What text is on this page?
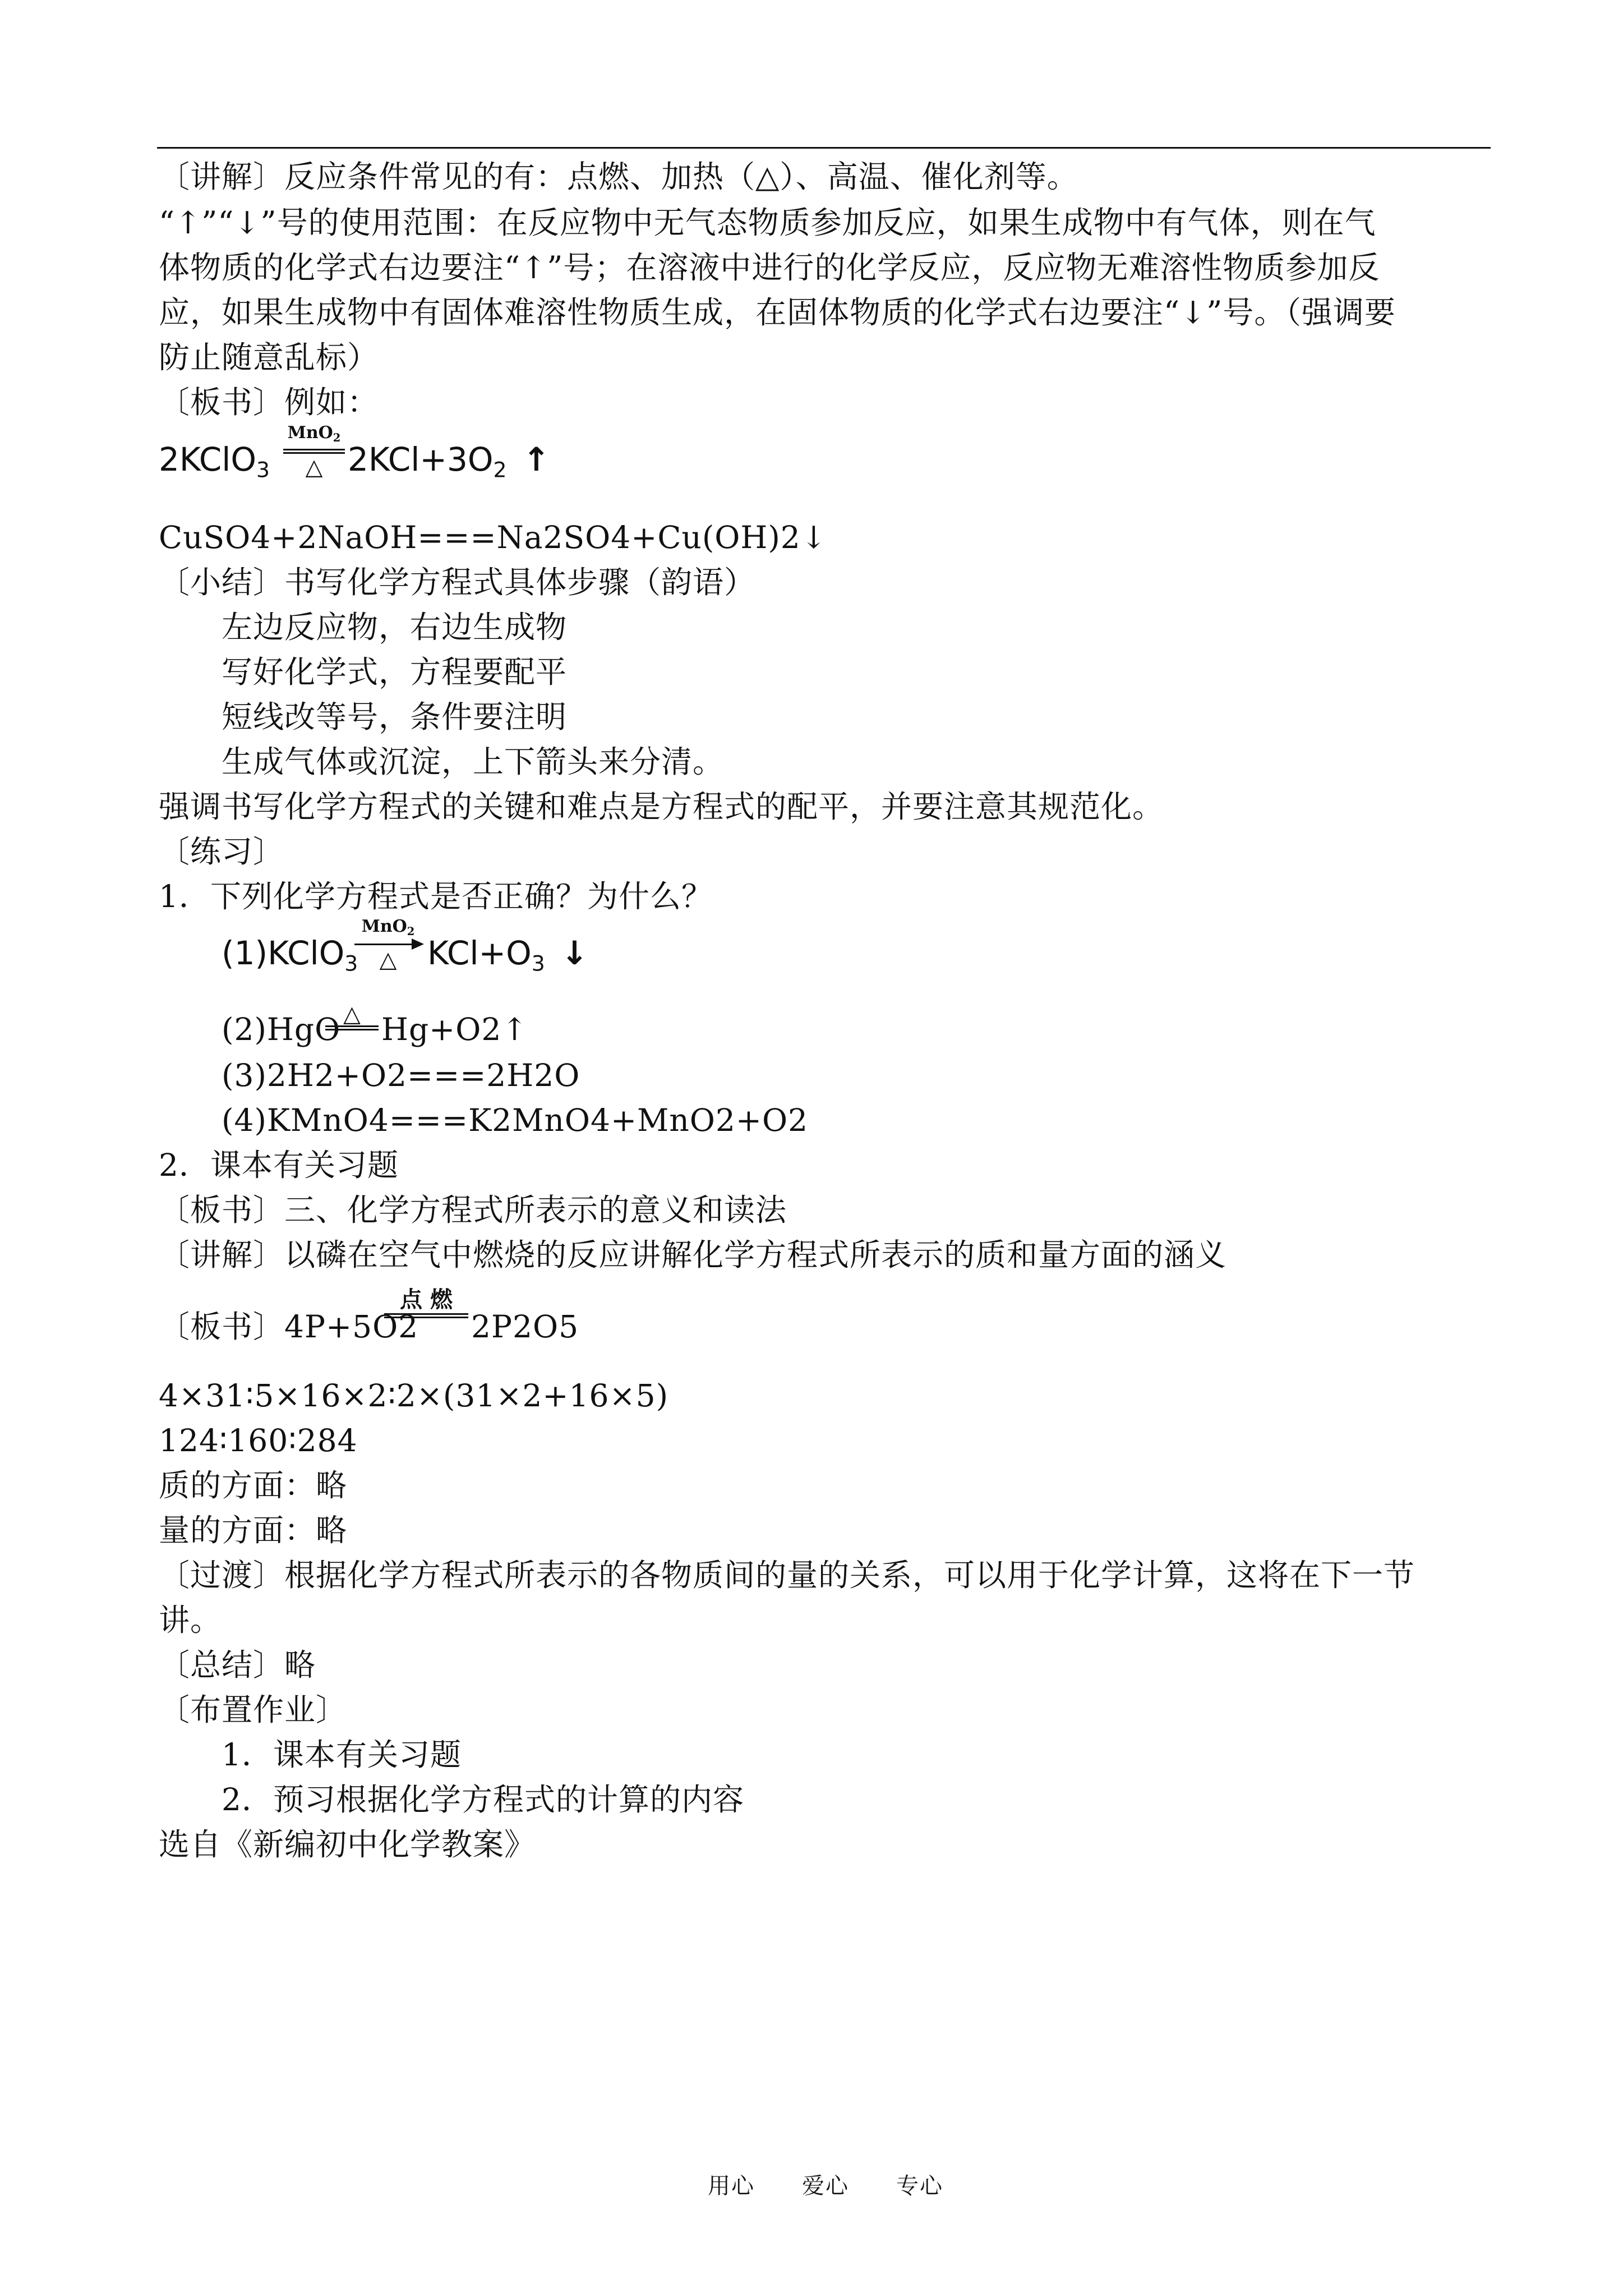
〔讲解〕反应条件常见的有：点燃、加热（△）、高温、催化剂等。
“↑”“↓”号的使用范围：在反应物中无气态物质参加反应，如果生成物中有气体，则在气
体物质的化学式右边要注“↑”号；在溶液中进行的化学反应，反应物无难溶性物质参加反
应，如果生成物中有固体难溶性物质生成，在固体物质的化学式右边要注“↓”号。（强调要
防止随意乱标）
〔板书〕例如：
2KClO$_3$
MnO$_2$
△ $2KCl+3O_2$ ↑
CuSO4+2NaOH===Na2SO4+Cu(OH)2↓
〔小结〕书写化学方程式具体步骤（韵语）
左边反应物，右边生成物
写好化学式，方程要配平
短线改等号，条件要注明
生成气体或沉淀，上下箭头来分清。
强调书写化学方程式的关键和难点是方程式的配平，并要注意其规范化。
〔练习〕
1．下列化学方程式是否正确？为什么？
(1)KClO$_3$
MnO$_2$
△ $KCl+O_3$ ↓
(2)HgO △ Hg+O2↑
(3)2H2+O2===2H2O
(4)KMnO4===K2MnO4+MnO2+O2
2．课本有关习题
〔板书〕三、化学方程式所表示的意义和读法
〔讲解〕以磷在空气中燃烧的反应讲解化学方程式所表示的质和量方面的涵义
〔板书〕4P+5O2
点 燃
2P2O5
4×31∶5×16×2∶2×(31×2+16×5)
124∶160∶284
质的方面：略
量的方面：略
〔过渡〕根据化学方程式所表示的各物质间的量的关系，可以用于化学计算，这将在下一节
讲。
〔总结〕略
〔布置作业〕
1．课本有关习题
2．预习根据化学方程式的计算的内容
选自《新编初中化学教案》
用心　　爱心　　专心
